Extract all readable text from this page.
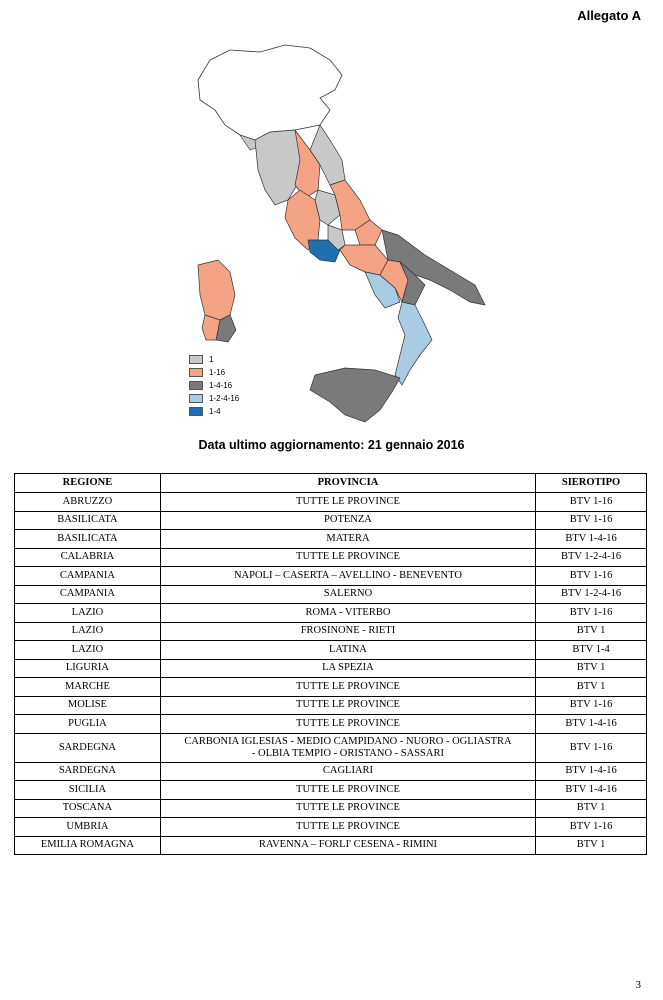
Allegato A
1
1-16
1-4-16
1-2-4-16
1-4
Data ultimo aggiornamento: 21 gennaio 2016
REGIONE	PROVINCIA	SIEROTIPO
ABRUZZO	TUTTE LE PROVINCE	BTV 1-16
BASILICATA	POTENZA	BTV 1-16
BASILICATA	MATERA	BTV 1-4-16
CALABRIA	TUTTE LE PROVINCE	BTV 1-2-4-16
CAMPANIA	NAPOLI – CASERTA – AVELLINO - BENEVENTO	BTV 1-16
CAMPANIA	SALERNO	BTV 1-2-4-16
LAZIO	ROMA - VITERBO	BTV 1-16
LAZIO	FROSINONE - RIETI	BTV 1
LAZIO	LATINA	BTV 1-4
LIGURIA	LA SPEZIA	BTV 1
MARCHE	TUTTE LE PROVINCE	BTV 1
MOLISE	TUTTE LE PROVINCE	BTV 1-16
PUGLIA	TUTTE LE PROVINCE	BTV 1-4-16
SARDEGNA	CARBONIA IGLESIAS - MEDIO CAMPIDANO - NUORO - OGLIASTRA
- OLBIA TEMPIO - ORISTANO - SASSARI	BTV 1-16
SARDEGNA	CAGLIARI	BTV 1-4-16
SICILIA	TUTTE LE PROVINCE	BTV 1-4-16
TOSCANA	TUTTE LE PROVINCE	BTV 1
UMBRIA	TUTTE LE PROVINCE	BTV 1-16
EMILIA ROMAGNA	RAVENNA – FORLI' CESENA - RIMINI	BTV 1
3
